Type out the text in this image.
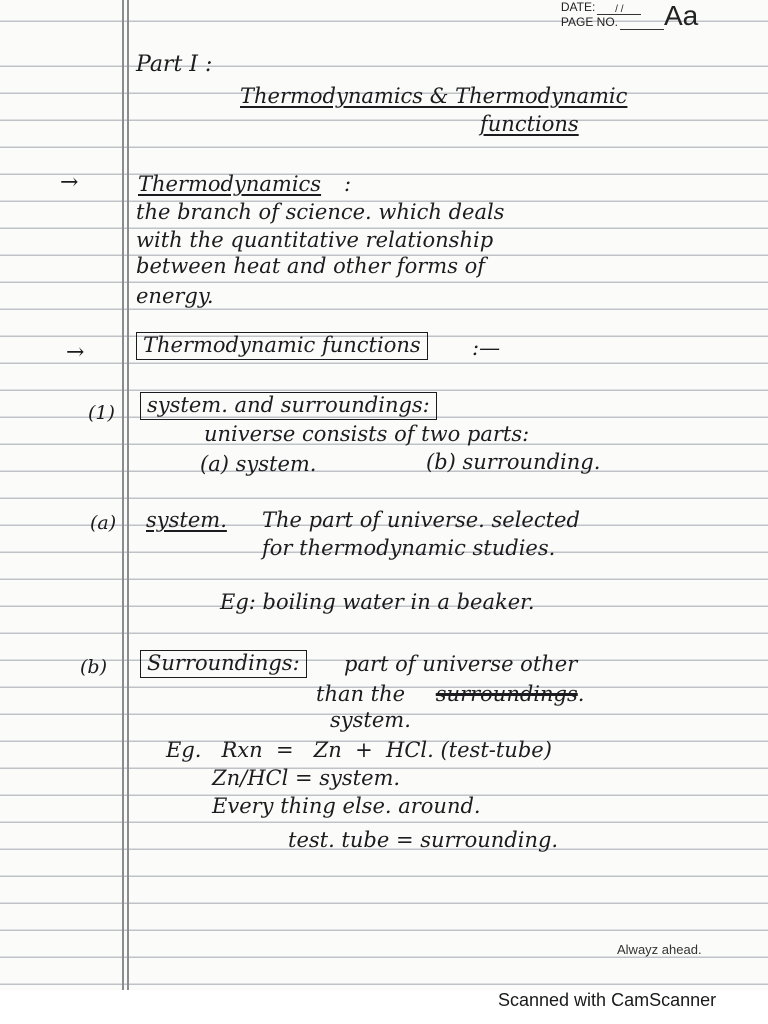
DATE:	/ /
PAGE NO. Aa
Part I :
Thermodynamics & Thermodynamic
functions
→	Thermodynamics :
the branch of science. which deals
with the quantitative relationship
between heat and other forms of
energy.
→	Thermodynamic functions	:—
(1)	system. and surroundings:
universe consists of two parts:
(a) system.	(b) surrounding.
(a) system. The part of universe. selected
for thermodynamic studies.
Eg: boiling water in a beaker.
(b)	Surroundings:	part of universe other
than the surroundings.
system.
Eg.   Rxn  =   Zn  +  HCl. (test-tube)
Zn/HCl = system.
Every thing else. around.
test. tube = surrounding.
Alwayz ahead.
Scanned with CamScanner
